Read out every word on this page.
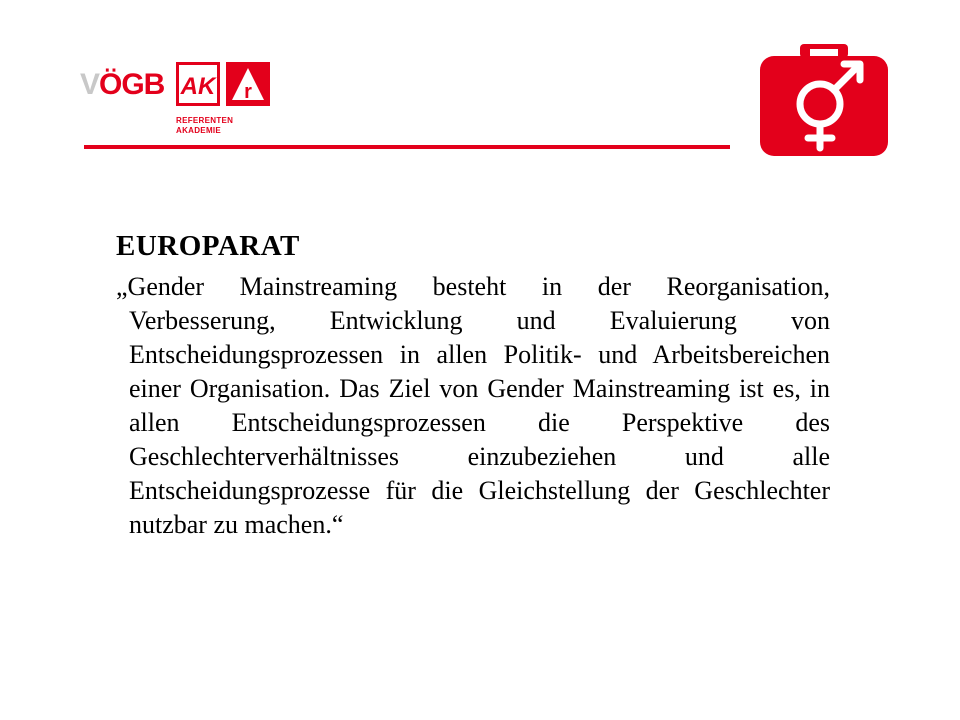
VÖGB AK r
REFERENTEN
AKADEMIE
EUROPARAT

„Gender Mainstreaming besteht in der Reorganisation, Verbesserung, Entwicklung und Evaluierung von Entscheidungsprozessen in allen Politik- und Arbeitsbereichen einer Organisation. Das Ziel von Gender Mainstreaming ist es, in allen Entscheidungsprozessen die Perspektive des Geschlechterverhältnisses einzubeziehen und alle Entscheidungsprozesse für die Gleichstellung der Geschlechter nutzbar zu machen.“
